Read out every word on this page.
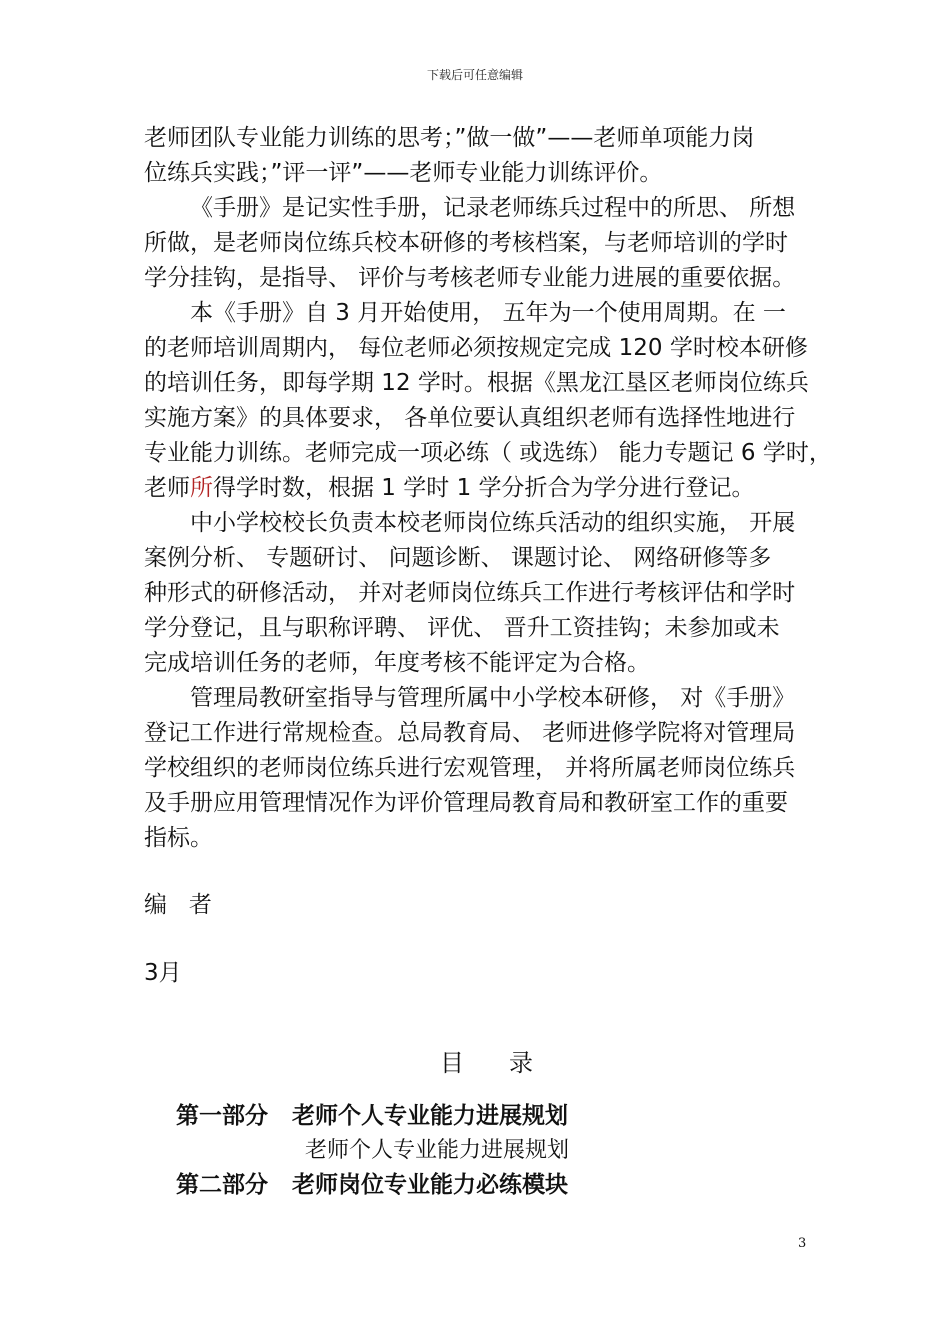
下载后可任意编辑
老师团队专业能力训练的思考；”做一做”——老师单项能力岗
位练兵实践；”评一评”——老师专业能力训练评价。
《手册》是记实性手册，记录老师练兵过程中的所思、 所想
所做，是老师岗位练兵校本研修的考核档案，与老师培训的学时
学分挂钩，是指导、 评价与考核老师专业能力进展的重要依据。
本《手册》自 3 月开始使用， 五年为一个使用周期。在 一
的老师培训周期内， 每位老师必须按规定完成 120 学时校本研修
的培训任务，即每学期 12 学时。根据《黑龙江垦区老师岗位练兵
实施方案》的具体要求， 各单位要认真组织老师有选择性地进行
专业能力训练。老师完成一项必练（ 或选练） 能力专题记 6 学时，
老师所得学时数，根据 1 学时 1 学分折合为学分进行登记。
中小学校校长负责本校老师岗位练兵活动的组织实施， 开展
案例分析、 专题研讨、 问题诊断、 课题讨论、 网络研修等多
种形式的研修活动， 并对老师岗位练兵工作进行考核评估和学时
学分登记，且与职称评聘、 评优、 晋升工资挂钩；未参加或未
完成培训任务的老师，年度考核不能评定为合格。
管理局教研室指导与管理所属中小学校本研修， 对《手册》
登记工作进行常规检查。总局教育局、 老师进修学院将对管理局
学校组织的老师岗位练兵进行宏观管理， 并将所属老师岗位练兵
及手册应用管理情况作为评价管理局教育局和教研室工作的重要
指标。
编   者
3月
目录
第一部分 老师个人专业能力进展规划
老师个人专业能力进展规划
第二部分 老师岗位专业能力必练模块
3
